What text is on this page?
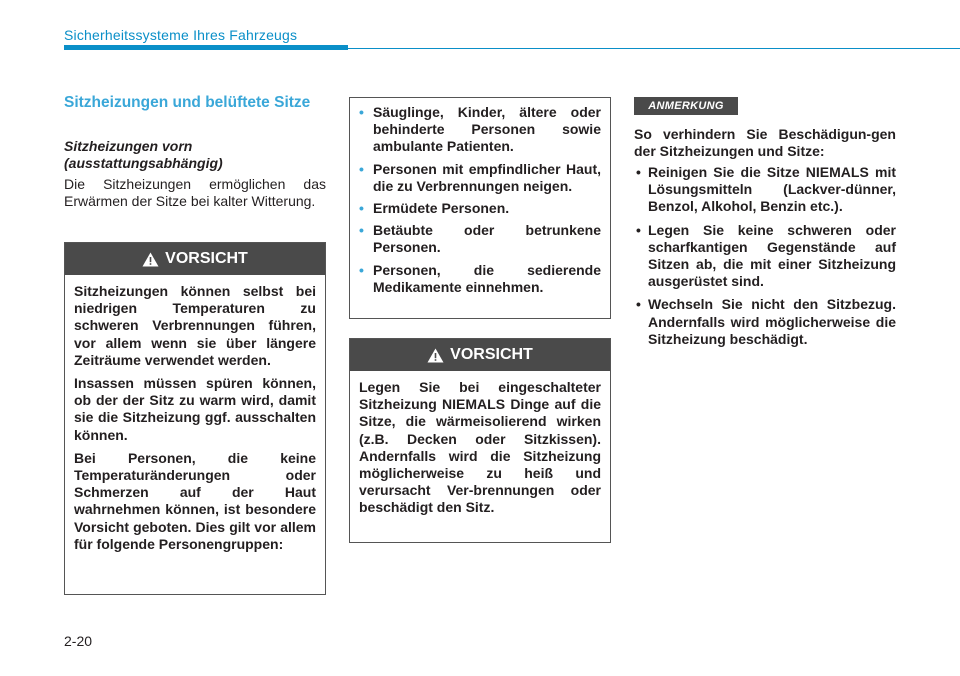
Sicherheitssysteme Ihres Fahrzeugs
Sitzheizungen und belüftete Sitze
Sitzheizungen vorn (ausstattungsabhängig)
Die Sitzheizungen ermöglichen das Erwärmen der Sitze bei kalter Witterung.
VORSICHT

Sitzheizungen können selbst bei niedrigen Temperaturen zu schweren Verbrennungen führen, vor allem wenn sie über längere Zeiträume verwendet werden.

Insassen müssen spüren können, ob der der Sitz zu warm wird, damit sie die Sitzheizung ggf. ausschalten können.

Bei Personen, die keine Temperaturänderungen oder Schmerzen auf der Haut wahrnehmen können, ist besondere Vorsicht geboten. Dies gilt vor allem für folgende Personengruppen:

• Säuglinge, Kinder, ältere oder behinderte Personen sowie ambulante Patienten.
• Personen mit empfindlicher Haut, die zu Verbrennungen neigen.
• Ermüdete Personen.
• Betäubte oder betrunkene Personen.
• Personen, die sedierende Medikamente einnehmen.
VORSICHT

Legen Sie bei eingeschalteter Sitzheizung NIEMALS Dinge auf die Sitze, die wärmeisolierend wirken (z.B. Decken oder Sitzkissen). Andernfalls wird die Sitzheizung möglicherweise zu heiß und verursacht Ver-brennungen oder beschädigt den Sitz.

ANMERKUNG
So verhindern Sie Beschädigun-gen der Sitzheizungen und Sitze:
• Reinigen Sie die Sitze NIEMALS mit Lösungsmitteln (Lackver-dünner, Benzol, Alkohol, Benzin etc.).
• Legen Sie keine schweren oder scharfkantigen Gegenstände auf Sitzen ab, die mit einer Sitzheizung ausgerüstet sind.
• Wechseln Sie nicht den Sitzbezug. Andernfalls wird möglicherweise die Sitzheizung beschädigt.
2-20
